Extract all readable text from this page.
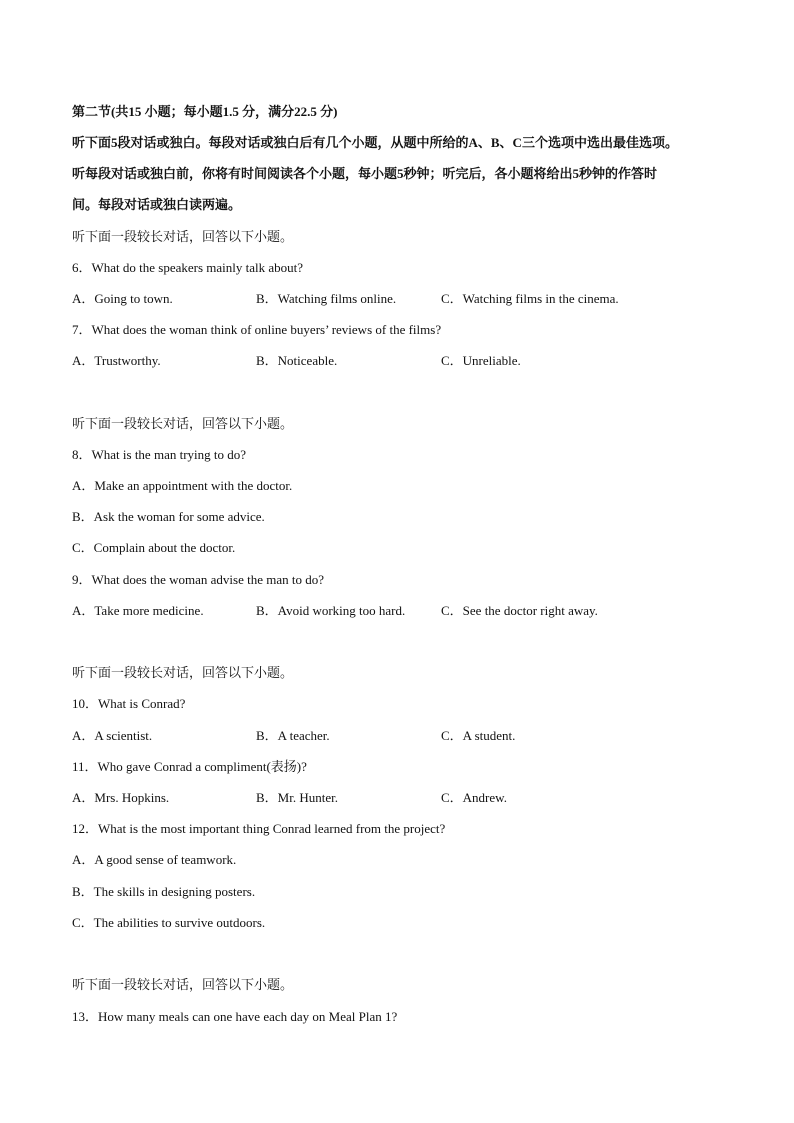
第二节(共15 小题；每小题1.5 分，满分22.5 分)
听下面5段对话或独白。每段对话或独白后有几个小题，从题中所给的A、B、C三个选项中选出最佳选项。
听每段对话或独白前，你将有时间阅读各个小题，每小题5秒钟；听完后，各小题将给出5秒钟的作答时
间。每段对话或独白读两遍。
听下面一段较长对话，回答以下小题。
6．What do the speakers mainly talk about?
A．Going to town.	B．Watching films online.	C．Watching films in the cinema.
7．What does the woman think of online buyers’ reviews of the films?
A．Trustworthy.	B．Noticeable.	C．Unreliable.
听下面一段较长对话，回答以下小题。
8．What is the man trying to do?
A．Make an appointment with the doctor.
B．Ask the woman for some advice.
C．Complain about the doctor.
9．What does the woman advise the man to do?
A．Take more medicine.	B．Avoid working too hard.	C．See the doctor right away.
听下面一段较长对话，回答以下小题。
10．What is Conrad?
A．A scientist.	B．A teacher.	C．A student.
11．Who gave Conrad a compliment(表扬)?
A．Mrs. Hopkins.	B．Mr. Hunter.	C．Andrew.
12．What is the most important thing Conrad learned from the project?
A．A good sense of teamwork.
B．The skills in designing posters.
C．The abilities to survive outdoors.
听下面一段较长对话，回答以下小题。
13．How many meals can one have each day on Meal Plan 1?
